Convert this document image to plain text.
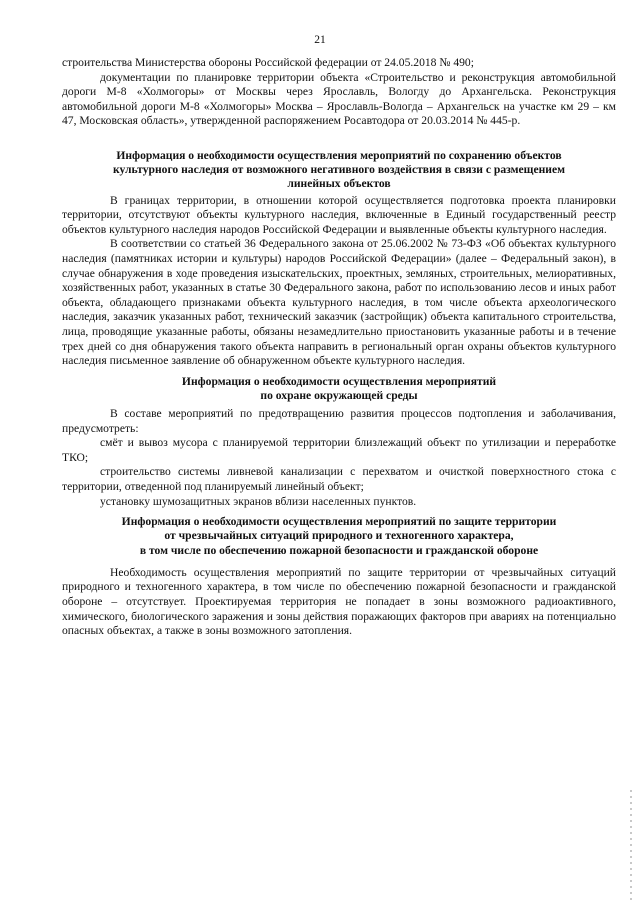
21

строительства Министерства обороны Российской федерации от 24.05.2018 № 490;

документации по планировке территории объекта «Строительство и реконструкция автомобильной дороги М-8 «Холмогоры» от Москвы через Ярославль, Вологду до Архангельска. Реконструкция автомобильной дороги М-8 «Холмогоры» Москва – Ярославль-Вологда – Архангельск на участке км 29 – км 47, Московская область», утвержденной распоряжением Росавтодора от 20.03.2014 № 445-р.

Информация о необходимости осуществления мероприятий по сохранению объектов
культурного наследия от возможного негативного воздействия в связи с размещением
линейных объектов

В границах территории, в отношении которой осуществляется подготовка проекта планировки территории, отсутствуют объекты культурного наследия, включенные в Единый государственный реестр объектов культурного наследия народов Российской Федерации и выявленные объекты культурного наследия.

В соответствии со статьей 36 Федерального закона от 25.06.2002 № 73-ФЗ «Об объектах культурного наследия (памятниках истории и культуры) народов Российской Федерации» (далее – Федеральный закон), в случае обнаружения в ходе проведения изыскательских, проектных, земляных, строительных, мелиоративных, хозяйственных работ, указанных в статье 30 Федерального закона, работ по использованию лесов и иных работ объекта, обладающего признаками объекта культурного наследия, в том числе объекта археологического наследия, заказчик указанных работ, технический заказчик (застройщик) объекта капитального строительства, лица, проводящие указанные работы, обязаны незамедлительно приостановить указанные работы и в течение трех дней со дня обнаружения такого объекта направить в региональный орган охраны объектов культурного наследия письменное заявление об обнаруженном объекте культурного наследия.

Информация о необходимости осуществления мероприятий
по охране окружающей среды

В составе мероприятий по предотвращению развития процессов подтопления и заболачивания, предусмотреть:

смёт и вывоз мусора с планируемой территории близлежащий объект по утилизации и переработке ТКО;

строительство системы ливневой канализации с перехватом и очисткой поверхностного стока с территории, отведенной под планируемый линейный объект;

установку шумозащитных экранов вблизи населенных пунктов.

Информация о необходимости осуществления мероприятий по защите территории
от чрезвычайных ситуаций природного и техногенного характера,
в том числе по обеспечению пожарной безопасности и гражданской обороне

Необходимость осуществления мероприятий по защите территории от чрезвычайных ситуаций природного и техногенного характера, в том числе по обеспечению пожарной безопасности и гражданской обороне – отсутствует. Проектируемая территория не попадает в зоны возможного радиоактивного, химического, биологического заражения и зоны действия поражающих факторов при авариях на потенциально опасных объектах, а также в зоны возможного затопления.
